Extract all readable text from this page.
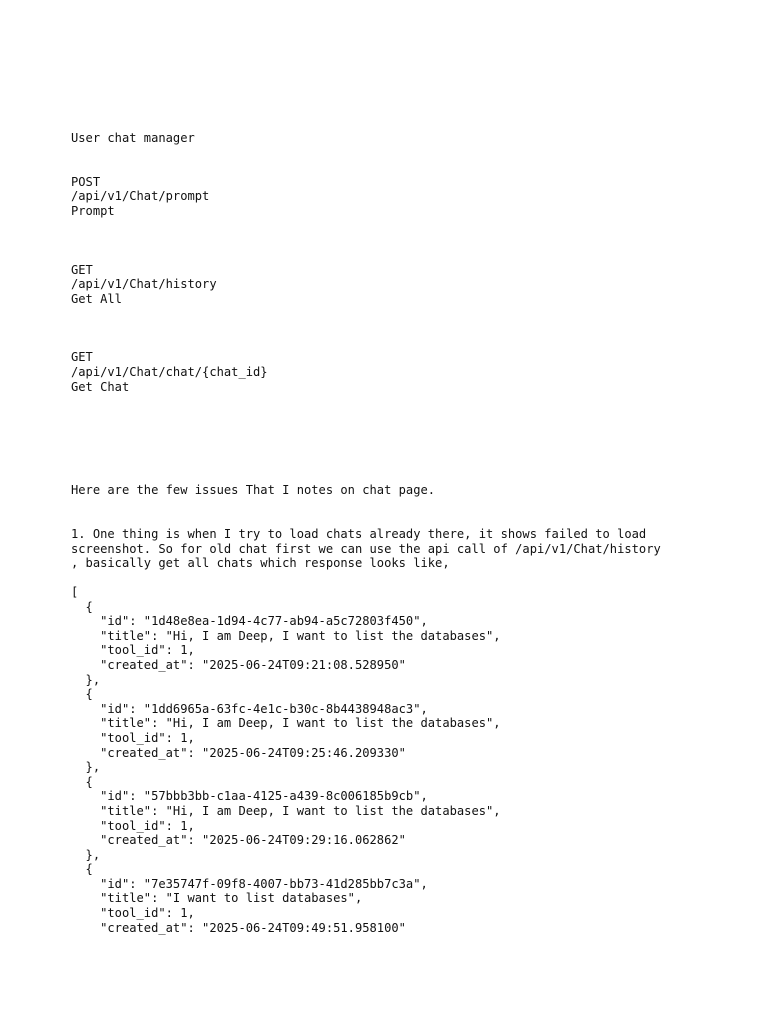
User chat manager
POST
/api/v1/Chat/prompt
Prompt
GET
/api/v1/Chat/history
Get All
GET
/api/v1/Chat/chat/{chat_id}
Get Chat
Here are the few issues That I notes on chat page.
1. One thing is when I try to load chats already there, it shows failed to load
screenshot. So for old chat first we can use the api call of /api/v1/Chat/history
, basically get all chats which response looks like,
[
{
"id": "1d48e8ea-1d94-4c77-ab94-a5c72803f450",
"title": "Hi, I am Deep, I want to list the databases",
"tool_id": 1,
"created_at": "2025-06-24T09:21:08.528950"
},
{
"id": "1dd6965a-63fc-4e1c-b30c-8b4438948ac3",
"title": "Hi, I am Deep, I want to list the databases",
"tool_id": 1,
"created_at": "2025-06-24T09:25:46.209330"
},
{
"id": "57bbb3bb-c1aa-4125-a439-8c006185b9cb",
"title": "Hi, I am Deep, I want to list the databases",
"tool_id": 1,
"created_at": "2025-06-24T09:29:16.062862"
},
{
"id": "7e35747f-09f8-4007-bb73-41d285bb7c3a",
"title": "I want to list databases",
"tool_id": 1,
"created_at": "2025-06-24T09:49:51.958100"
